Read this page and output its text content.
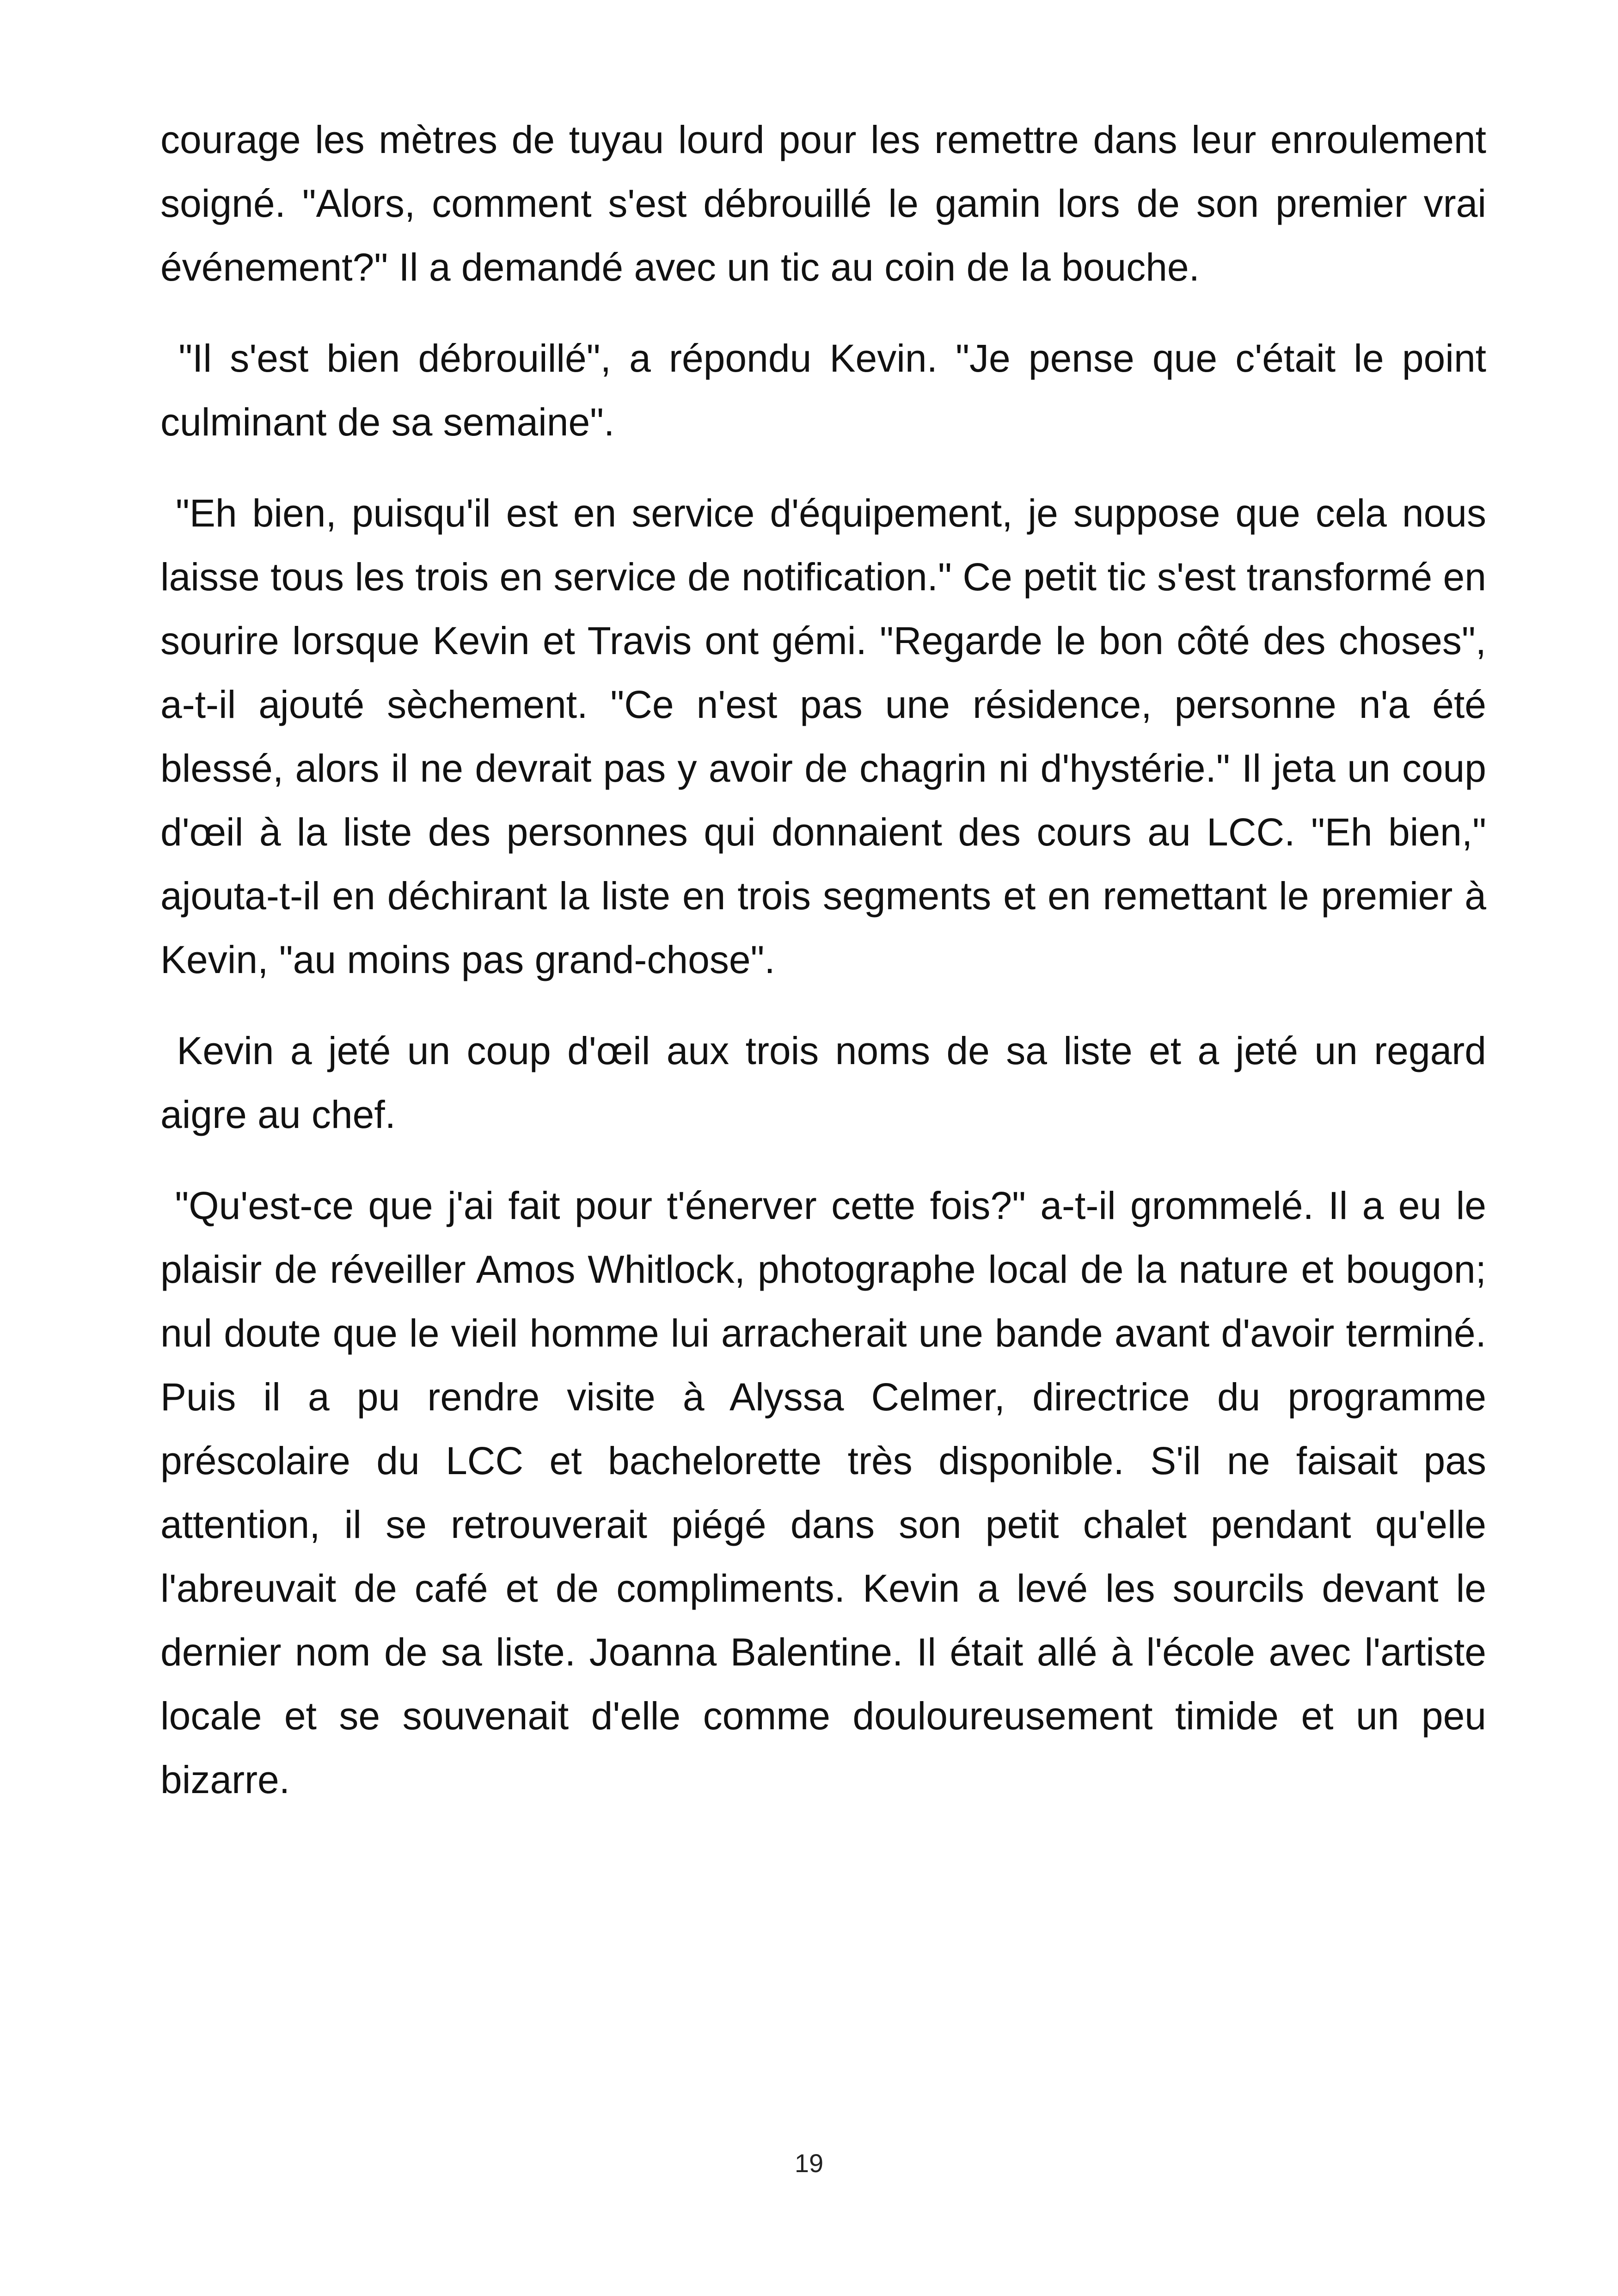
courage les mètres de tuyau lourd pour les remettre dans leur enroulement soigné. "Alors, comment s'est débrouillé le gamin lors de son premier vrai événement?" Il a demandé avec un tic au coin de la bouche.

"Il s'est bien débrouillé", a répondu Kevin. "Je pense que c'était le point culminant de sa semaine".

"Eh bien, puisqu'il est en service d'équipement, je suppose que cela nous laisse tous les trois en service de notification." Ce petit tic s'est transformé en sourire lorsque Kevin et Travis ont gémi. "Regarde le bon côté des choses", a-t-il ajouté sèchement. "Ce n'est pas une résidence, personne n'a été blessé, alors il ne devrait pas y avoir de chagrin ni d'hystérie." Il jeta un coup d'œil à la liste des personnes qui donnaient des cours au LCC. "Eh bien," ajouta-t-il en déchirant la liste en trois segments et en remettant le premier à Kevin, "au moins pas grand-chose".

Kevin a jeté un coup d'œil aux trois noms de sa liste et a jeté un regard aigre au chef.

"Qu'est-ce que j'ai fait pour t'énerver cette fois?" a-t-il grommelé. Il a eu le plaisir de réveiller Amos Whitlock, photographe local de la nature et bougon; nul doute que le vieil homme lui arracherait une bande avant d'avoir terminé. Puis il a pu rendre visite à Alyssa Celmer, directrice du programme préscolaire du LCC et bachelorette très disponible. S'il ne faisait pas attention, il se retrouverait piégé dans son petit chalet pendant qu'elle l'abreuvait de café et de compliments. Kevin a levé les sourcils devant le dernier nom de sa liste. Joanna Balentine. Il était allé à l'école avec l'artiste locale et se souvenait d'elle comme douloureusement timide et un peu bizarre.

19
